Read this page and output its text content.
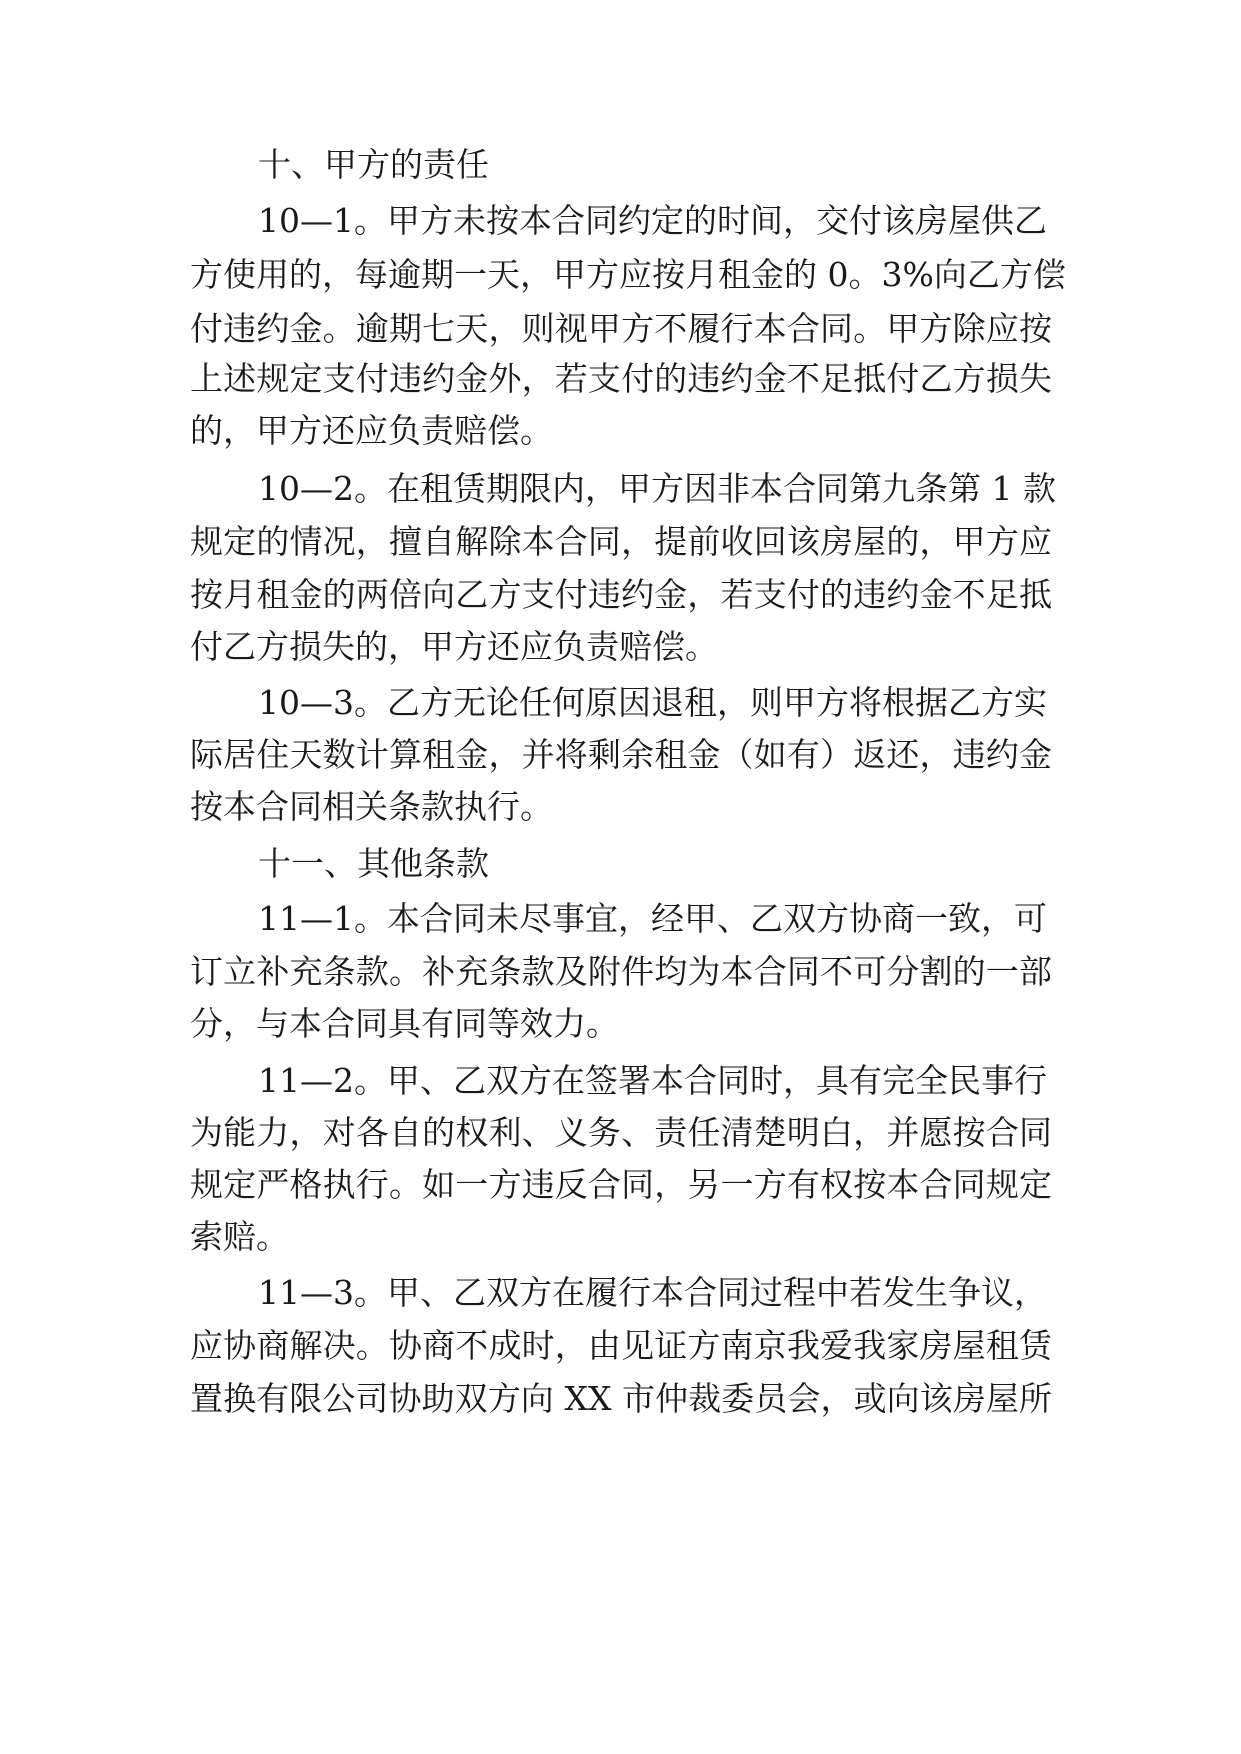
十、甲方的责任
10—1。甲方未按本合同约定的时间，交付该房屋供乙
方使用的，每逾期一天，甲方应按月租金的 0。3%向乙方偿
付违约金。逾期七天，则视甲方不履行本合同。甲方除应按
上述规定支付违约金外，若支付的违约金不足抵付乙方损失
的，甲方还应负责赔偿。
10—2。在租赁期限内，甲方因非本合同第九条第 1 款
规定的情况，擅自解除本合同，提前收回该房屋的，甲方应
按月租金的两倍向乙方支付违约金，若支付的违约金不足抵
付乙方损失的，甲方还应负责赔偿。
10—3。乙方无论任何原因退租，则甲方将根据乙方实
际居住天数计算租金，并将剩余租金（如有）返还，违约金
按本合同相关条款执行。
十一、其他条款
11—1。本合同未尽事宜，经甲、乙双方协商一致，可
订立补充条款。补充条款及附件均为本合同不可分割的一部
分，与本合同具有同等效力。
11—2。甲、乙双方在签署本合同时，具有完全民事行
为能力，对各自的权利、义务、责任清楚明白，并愿按合同
规定严格执行。如一方违反合同，另一方有权按本合同规定
索赔。
11—3。甲、乙双方在履行本合同过程中若发生争议，
应协商解决。协商不成时，由见证方南京我爱我家房屋租赁
置换有限公司协助双方向 XX 市仲裁委员会，或向该房屋所
